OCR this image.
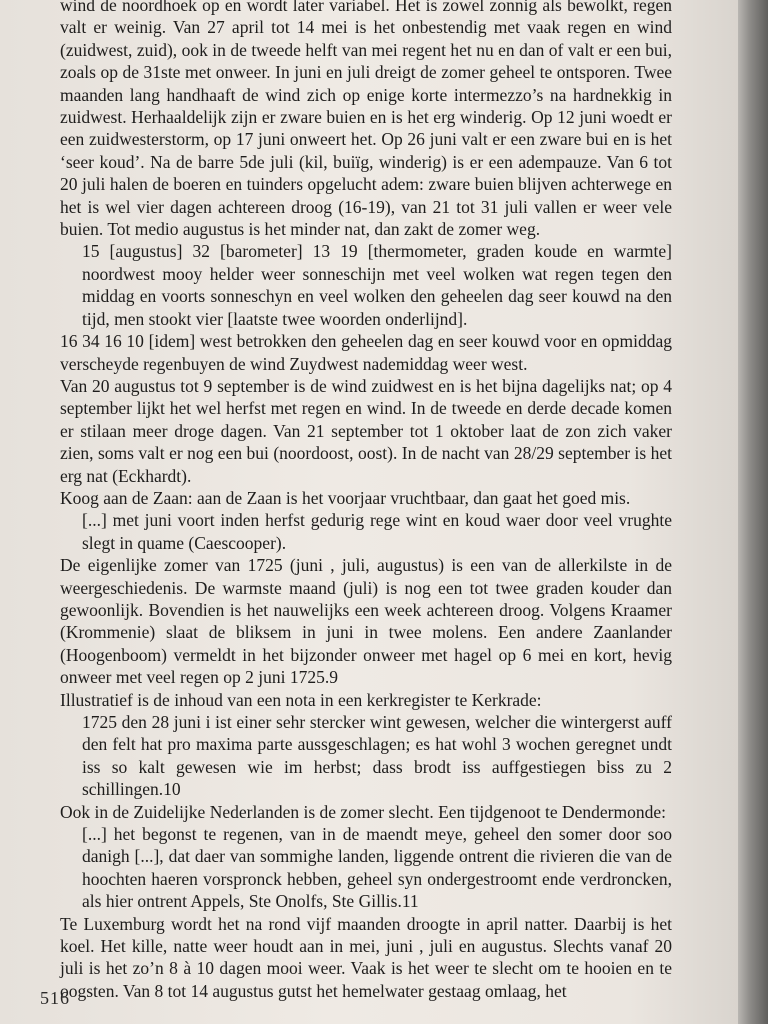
wind de noordhoek op en wordt later variabel. Het is zowel zonnig als bewolkt, regen valt er weinig. Van 27 april tot 14 mei is het onbestendig met vaak regen en wind (zuidwest, zuid), ook in de tweede helft van mei regent het nu en dan of valt er een bui, zoals op de 31ste met onweer. In juni en juli dreigt de zomer geheel te ontsporen. Twee maanden lang handhaaft de wind zich op enige korte intermezzo’s na hardnekkig in zuidwest. Herhaaldelijk zijn er zware buien en is het erg winderig. Op 12 juni woedt er een zuidwesterstorm, op 17 juni onweert het. Op 26 juni valt er een zware bui en is het ‘seer koud’. Na de barre 5de juli (kil, buiïg, winderig) is er een adempauze. Van 6 tot 20 juli halen de boeren en tuinders opgelucht adem: zware buien blijven achterwege en het is wel vier dagen achtereen droog (16-19), van 21 tot 31 juli vallen er weer vele buien. Tot medio augustus is het minder nat, dan zakt de zomer weg.

15 [augustus] 32 [barometer] 13 19 [thermometer, graden koude en warmte] noordwest mooy helder weer sonneschijn met veel wolken wat regen tegen den middag en voorts sonneschyn en veel wolken den geheelen dag seer kouwd na den tijd, men stookt vier [laatste twee woorden onderlijnd].

16 34 16 10 [idem] west betrokken den geheelen dag en seer kouwd voor en opmiddag verscheyde regenbuyen de wind Zuydwest nademiddag weer west.

Van 20 augustus tot 9 september is de wind zuidwest en is het bijna dagelijks nat; op 4 september lijkt het wel herfst met regen en wind. In de tweede en derde decade komen er stilaan meer droge dagen. Van 21 september tot 1 oktober laat de zon zich vaker zien, soms valt er nog een bui (noordoost, oost). In de nacht van 28/29 september is het erg nat (Eckhardt).

Koog aan de Zaan: aan de Zaan is het voorjaar vruchtbaar, dan gaat het goed mis.

[...] met juni voort inden herfst gedurig rege wint en koud waer door veel vrughte slegt in quame (Caescooper).

De eigenlijke zomer van 1725 (juni , juli, augustus) is een van de allerkilste in de weergeschiedenis. De warmste maand (juli) is nog een tot twee graden kouder dan gewoonlijk. Bovendien is het nauwelijks een week achtereen droog. Volgens Kraamer (Krommenie) slaat de bliksem in juni in twee molens. Een andere Zaanlander (Hoogenboom) vermeldt in het bijzonder onweer met hagel op 6 mei en kort, hevig onweer met veel regen op 2 juni 1725.9

Illustratief is de inhoud van een nota in een kerkregister te Kerkrade:

1725 den 28 juni i ist einer sehr stercker wint gewesen, welcher die wintergerst auff den felt hat pro maxima parte aussgeschlagen; es hat wohl 3 wochen geregnet undt iss so kalt gewesen wie im herbst; dass brodt iss auffgestiegen biss zu 2 schillingen.10

Ook in de Zuidelijke Nederlanden is de zomer slecht. Een tijdgenoot te Dendermonde:

[...] het begonst te regenen, van in de maendt meye, geheel den somer door soo danigh [...], dat daer van sommighe landen, liggende ontrent die rivieren die van de hoochten haeren vorspronck hebben, geheel syn ondergestroomt ende verdroncken, als hier ontrent Appels, Ste Onolfs, Ste Gillis.11

Te Luxemburg wordt het na rond vijf maanden droogte in april natter. Daarbij is het koel. Het kille, natte weer houdt aan in mei, juni , juli en augustus. Slechts vanaf 20 juli is het zo’n 8 à 10 dagen mooi weer. Vaak is het weer te slecht om te hooien en te oogsten. Van 8 tot 14 augustus gutst het hemelwater gestaag omlaag, het

516
